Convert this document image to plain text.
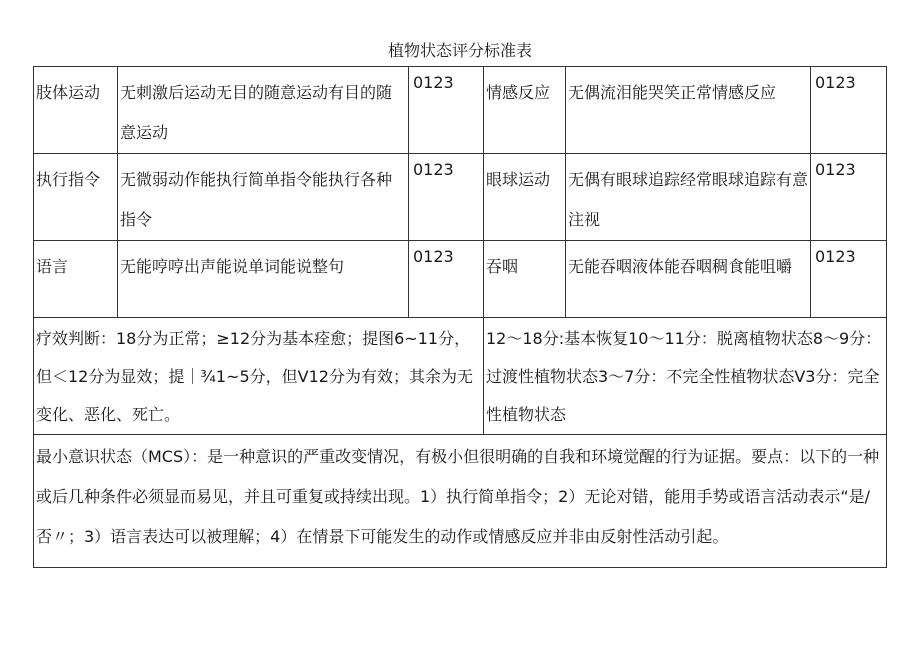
植物状态评分标准表
肢体运动	无刺激后运动无目的随意运动有目的随意运动	0123	情感反应	无偶流泪能哭笑正常情感反应	0123
执行指令	无微弱动作能执行简单指令能执行各种指令	0123	眼球运动	无偶有眼球追踪经常眼球追踪有意注视	0123
语言	无能哼哼出声能说单词能说整句	0123	吞咽	无能吞咽液体能吞咽稠食能咀嚼	0123
疗效判断：18分为正常；≥12分为基本痊愈；提图6~11分，但＜12分为显效；提｜¾1~5分，但V12分为有效；其余为无变化、恶化、死亡。			12～18分:基本恢复10～11分：脱离植物状态8～9分：过渡性植物状态3～7分：不完全性植物状态V3分：完全性植物状态		
最小意识状态（MCS）：是一种意识的严重改变情况，有极小但很明确的自我和环境觉醒的行为证据。要点：以下的一种或后几种条件必须显而易见，并且可重复或持续出现。1）执行简单指令；2）无论对错，能用手势或语言活动表示“是/否〃；3）语言表达可以被理解；4）在情景下可能发生的动作或情感反应并非由反射性活动引起。					
